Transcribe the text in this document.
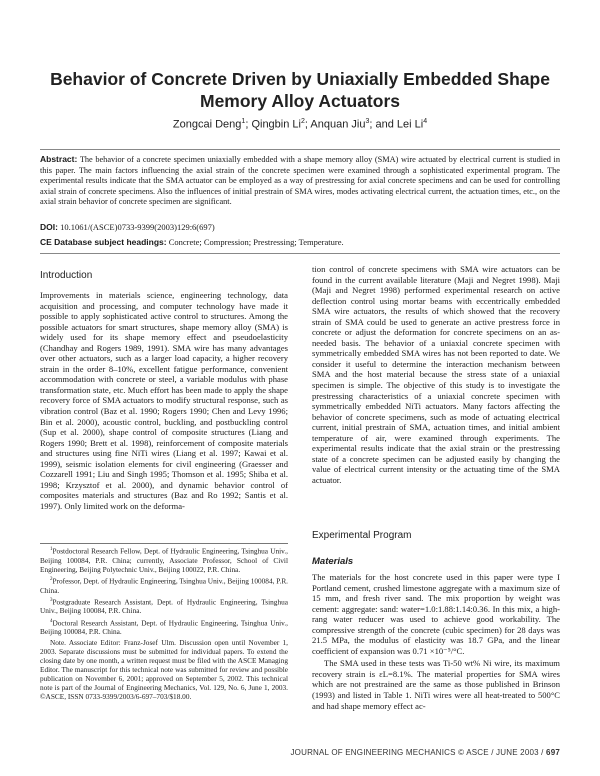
Behavior of Concrete Driven by Uniaxially Embedded Shape Memory Alloy Actuators
Zongcai Deng$^1$; Qingbin Li$^2$; Anquan Jiu$^3$; and Lei Li$^4$

Abstract: The behavior of a concrete specimen uniaxially embedded with a shape memory alloy (SMA) wire actuated by electrical current is studied in this paper. The main factors influencing the axial strain of the concrete specimen were examined through a sophisticated experimental program. The experimental results indicate that the SMA actuator can be employed as a way of prestressing for axial concrete specimens and can be used for controlling axial strain of concrete specimens. Also the influences of initial prestrain of SMA wires, modes activating electrical current, the actuation times, etc., on the axial strain behavior of concrete specimen are significant.

DOI: 10.1061/(ASCE)0733-9399(2003)129:6(697)
CE Database subject headings: Concrete; Compression; Prestressing; Temperature.
Introduction

Improvements in materials science, engineering technology, data acquisition and processing, and computer technology have made it possible to apply sophisticated active control to structures. Among the possible actuators for smart structures, shape memory alloy (SMA) is widely used for its shape memory effect and pseudoelasticity (Chandhay and Rogers 1989, 1991). SMA wire has many advantages over other actuators, such as a larger load capacity, a higher recovery strain in the order 8–10%, excellent fatigue performance, convenient accommodation with concrete or steel, a variable modulus with phase transformation state, etc. Much effort has been made to apply the shape recovery force of SMA actuators to modify structural response, such as vibration control (Baz et al. 1990; Rogers 1990; Chen and Levy 1996; Bin et al. 2000), acoustic control, buckling, and postbuckling control (Sup et al. 2000), shape control of composite structures (Liang and Rogers 1990; Brett et al. 1998), reinforcement of composite materials and structures using fine NiTi wires (Liang et al. 1997; Kawai et al. 1999), seismic isolation elements for civil engineering (Graesser and Cozzarell 1991; Liu and Singh 1995; Thomson et al. 1995; Shiba et al. 1998; Krzysztof et al. 2000), and dynamic behavior control of composites materials and structures (Baz and Ro 1992; Santis et al. 1997). Only limited work on the deforma-

$^1$Postdoctoral Research Fellow, Dept. of Hydraulic Engineering, Tsinghua Univ., Beijing 100084, P.R. China; currently, Associate Professor, School of Civil Engineering, Beijing Polytechnic Univ., Beijing 100022, P.R. China.

$^2$Professor, Dept. of Hydraulic Engineering, Tsinghua Univ., Beijing 100084, P.R. China.

$^3$Postgraduate Research Assistant, Dept. of Hydraulic Engineering, Tsinghua Univ., Beijing 100084, P.R. China.

$^4$Doctoral Research Assistant, Dept. of Hydraulic Engineering, Tsinghua Univ., Beijing 100084, P.R. China.

Note. Associate Editor: Franz-Josef Ulm. Discussion open until November 1, 2003. Separate discussions must be submitted for individual papers. To extend the closing date by one month, a written request must be filed with the ASCE Managing Editor. The manuscript for this technical note was submitted for review and possible publication on November 6, 2001; approved on September 5, 2002. This technical note is part of the Journal of Engineering Mechanics, Vol. 129, No. 6, June 1, 2003. ©ASCE, ISSN 0733-9399/2003/6-697–703/$18.00.

tion control of concrete specimens with SMA wire actuators can be found in the current available literature (Maji and Negret 1998). Maji (Maji and Negret 1998) performed experimental research on active deflection control using mortar beams with eccentrically embedded SMA wire actuators, the results of which showed that the recovery strain of SMA could be used to generate an active prestress force in concrete or adjust the deformation for concrete specimens on an as-needed basis. The behavior of a uniaxial concrete specimen with symmetrically embedded SMA wires has not been reported to date. We consider it useful to determine the interaction mechanism between SMA and the host material because the stress state of a uniaxial specimen is simple. The objective of this study is to investigate the prestressing characteristics of a uniaxial concrete specimen with symmetrically embedded NiTi actuators. Many factors affecting the behavior of concrete specimens, such as mode of actuating electrical current, initial prestrain of SMA, actuation times, and initial ambient temperature of air, were examined through experiments. The experimental results indicate that the axial strain or the prestressing state of a concrete specimen can be adjusted easily by changing the value of electrical current intensity or the actuating time of the SMA actuator.

Experimental Program
Materials

The materials for the host concrete used in this paper were type I Portland cement, crushed limestone aggregate with a maximum size of 15 mm, and fresh river sand. The mix proportion by weight was cement: aggregate: sand: water=1.0:1.88:1.14:0.36. In this mix, a high-rang water reducer was used to achieve good workability. The compressive strength of the concrete (cubic specimen) for 28 days was 21.5 MPa, the modulus of elasticity was 18.7 GPa, and the linear coefficient of expansion was 0.71 ×10⁻⁵/°C.

The SMA used in these tests was Ti-50 wt% Ni wire, its maximum recovery strain is εL=8.1%. The material properties for SMA wires which are not prestrained are the same as those published in Brinson (1993) and listed in Table 1. NiTi wires were all heat-treated to 500°C and had shape memory effect ac-

JOURNAL OF ENGINEERING MECHANICS © ASCE / JUNE 2003 / 697
